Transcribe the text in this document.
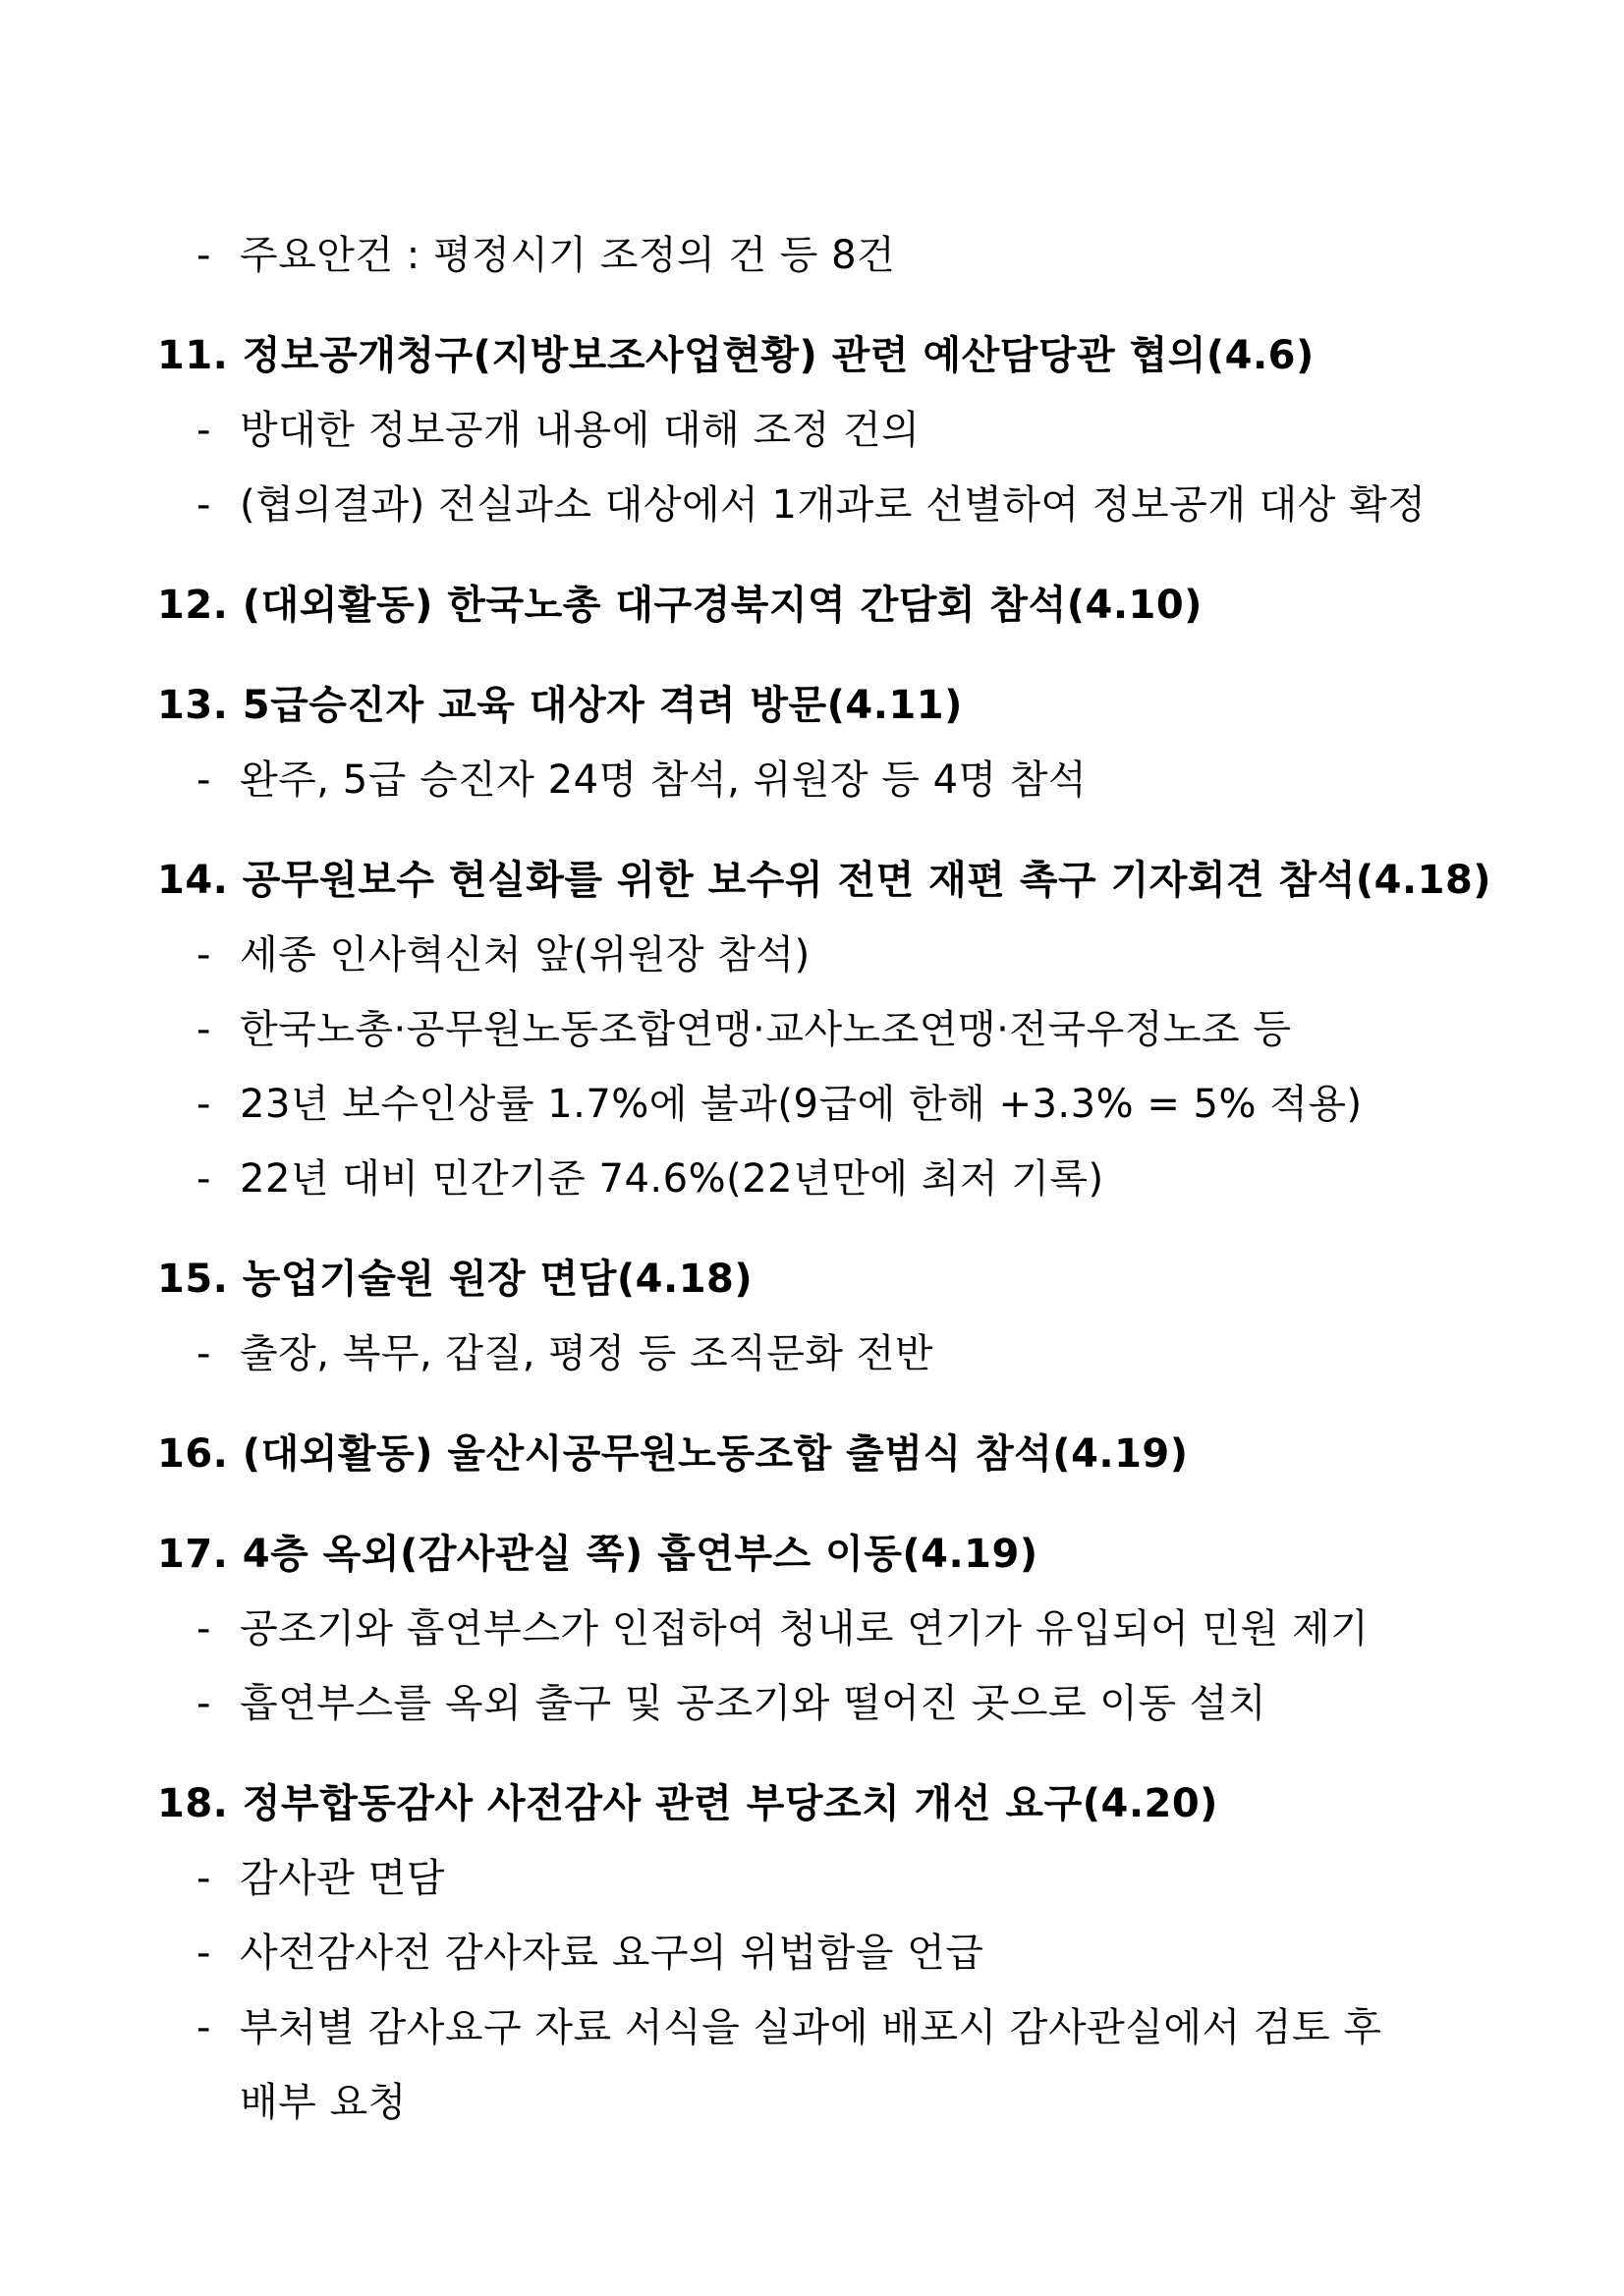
- 주요안건 : 평정시기 조정의 건 등 8건
11. 정보공개청구(지방보조사업현황) 관련 예산담당관 협의(4.6)
- 방대한 정보공개 내용에 대해 조정 건의
- (협의결과) 전실과소 대상에서 1개과로 선별하여 정보공개 대상 확정
12. (대외활동) 한국노총 대구경북지역 간담회 참석(4.10)
13. 5급승진자 교육 대상자 격려 방문(4.11)
- 완주, 5급 승진자 24명 참석, 위원장 등 4명 참석
14. 공무원보수 현실화를 위한 보수위 전면 재편 촉구 기자회견 참석(4.18)
- 세종 인사혁신처 앞(위원장 참석)
- 한국노총·공무원노동조합연맹·교사노조연맹·전국우정노조 등
- 23년 보수인상률 1.7%에 불과(9급에 한해 +3.3% = 5% 적용)
- 22년 대비 민간기준 74.6%(22년만에 최저 기록)
15. 농업기술원 원장 면담(4.18)
- 출장, 복무, 갑질, 평정 등 조직문화 전반
16. (대외활동) 울산시공무원노동조합 출범식 참석(4.19)
17. 4층 옥외(감사관실 쪽) 흡연부스 이동(4.19)
- 공조기와 흡연부스가 인접하여 청내로 연기가 유입되어 민원 제기
- 흡연부스를 옥외 출구 및 공조기와 떨어진 곳으로 이동 설치
18. 정부합동감사 사전감사 관련 부당조치 개선 요구(4.20)
- 감사관 면담
- 사전감사전 감사자료 요구의 위법함을 언급
- 부처별 감사요구 자료 서식을 실과에 배포시 감사관실에서 검토 후
배부 요청
